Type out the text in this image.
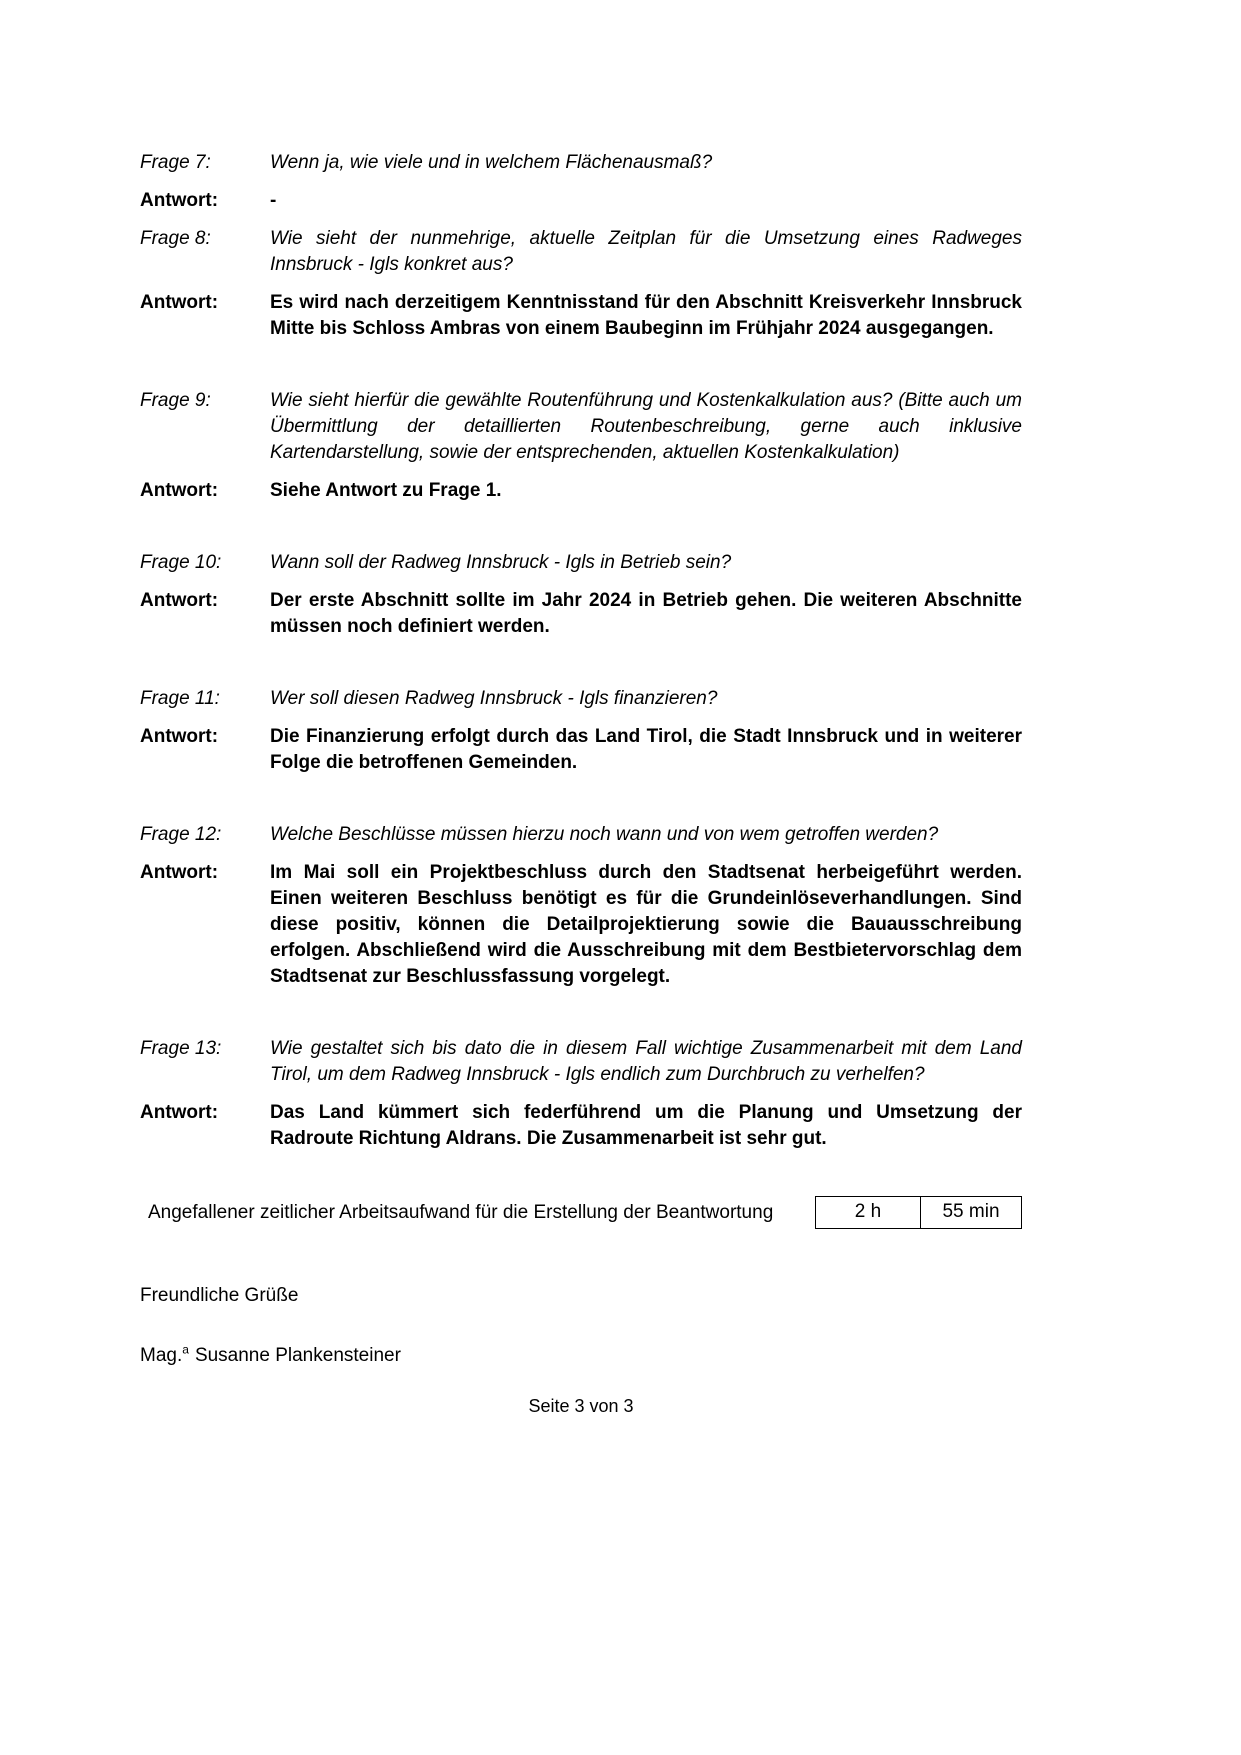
Frage 7:	Wenn ja, wie viele und in welchem Flächenausmaß?
Antwort:	-
Frage 8:	Wie sieht der nunmehrige, aktuelle Zeitplan für die Umsetzung eines Radweges Innsbruck - Igls konkret aus?
Antwort:	Es wird nach derzeitigem Kenntnisstand für den Abschnitt Kreisverkehr Innsbruck Mitte bis Schloss Ambras von einem Baubeginn im Frühjahr 2024 ausgegangen.
Frage 9:	Wie sieht hierfür die gewählte Routenführung und Kostenkalkulation aus? (Bitte auch um Übermittlung der detaillierten Routenbeschreibung, gerne auch inklusive Kartendarstellung, sowie der entsprechenden, aktuellen Kostenkalkulation)
Antwort:	Siehe Antwort zu Frage 1.
Frage 10:	Wann soll der Radweg Innsbruck - Igls in Betrieb sein?
Antwort:	Der erste Abschnitt sollte im Jahr 2024 in Betrieb gehen. Die weiteren Abschnitte müssen noch definiert werden.
Frage 11:	Wer soll diesen Radweg Innsbruck - Igls finanzieren?
Antwort:	Die Finanzierung erfolgt durch das Land Tirol, die Stadt Innsbruck und in weiterer Folge die betroffenen Gemeinden.
Frage 12:	Welche Beschlüsse müssen hierzu noch wann und von wem getroffen werden?
Antwort:	Im Mai soll ein Projektbeschluss durch den Stadtsenat herbeigeführt werden. Einen weiteren Beschluss benötigt es für die Grundeinlöseverhandlungen. Sind diese positiv, können die Detailprojektierung sowie die Bauausschreibung erfolgen. Abschließend wird die Ausschreibung mit dem Bestbietervorschlag dem Stadtsenat zur Beschlussfassung vorgelegt.
Frage 13:	Wie gestaltet sich bis dato die in diesem Fall wichtige Zusammenarbeit mit dem Land Tirol, um dem Radweg Innsbruck - Igls endlich zum Durchbruch zu verhelfen?
Antwort:	Das Land kümmert sich federführend um die Planung und Umsetzung der Radroute Richtung Aldrans. Die Zusammenarbeit ist sehr gut.
Angefallener zeitlicher Arbeitsaufwand für die Erstellung der Beantwortung	2 h	55 min
Freundliche Grüße
Mag.$^a$ Susanne Plankensteiner
Seite 3 von 3
